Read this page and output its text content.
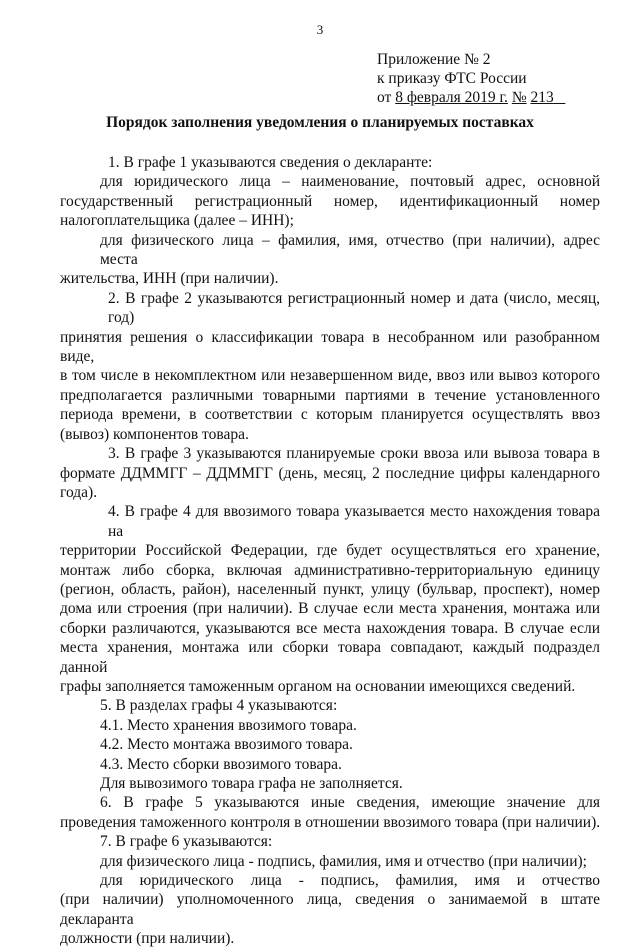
3
Приложение № 2
к приказу ФТС России
от 8 февраля 2019 г. № 213
Порядок заполнения уведомления о планируемых поставках
1. В графе 1 указываются сведения о декларанте:
для юридического лица – наименование, почтовый адрес, основной
государственный регистрационный номер, идентификационный номер
налогоплательщика (далее – ИНН);
для физического лица – фамилия, имя, отчество (при наличии), адрес места
жительства, ИНН (при наличии).
2. В графе 2 указываются регистрационный номер и дата (число, месяц, год)
принятия решения о классификации товара в несобранном или разобранном виде,
в том числе в некомплектном или незавершенном виде, ввоз или вывоз которого
предполагается различными товарными партиями в течение установленного
периода времени, в соответствии с которым планируется осуществлять ввоз
(вывоз) компонентов товара.
3. В графе 3 указываются планируемые сроки ввоза или вывоза товара в
формате ДДММГГ – ДДММГГ (день, месяц, 2 последние цифры календарного
года).
4. В графе 4 для ввозимого товара указывается место нахождения товара на
территории Российской Федерации, где будет осуществляться его хранение,
монтаж либо сборка, включая административно-территориальную единицу
(регион, область, район), населенный пункт, улицу (бульвар, проспект), номер
дома или строения (при наличии). В случае если места хранения, монтажа или
сборки различаются, указываются все места нахождения товара. В случае если
места хранения, монтажа или сборки товара совпадают, каждый подраздел данной
графы заполняется таможенным органом на основании имеющихся сведений.
5. В разделах графы 4 указываются:
4.1. Место хранения ввозимого товара.
4.2. Место монтажа ввозимого товара.
4.3. Место сборки ввозимого товара.
Для вывозимого товара графа не заполняется.
6. В графе 5 указываются иные сведения, имеющие значение для
проведения таможенного контроля в отношении ввозимого товара (при наличии).
7. В графе 6 указываются:
для физического лица - подпись, фамилия, имя и отчество (при наличии);
для юридического лица - подпись, фамилия, имя и отчество
(при наличии) уполномоченного лица, сведения о занимаемой в штате декларанта
должности (при наличии).
